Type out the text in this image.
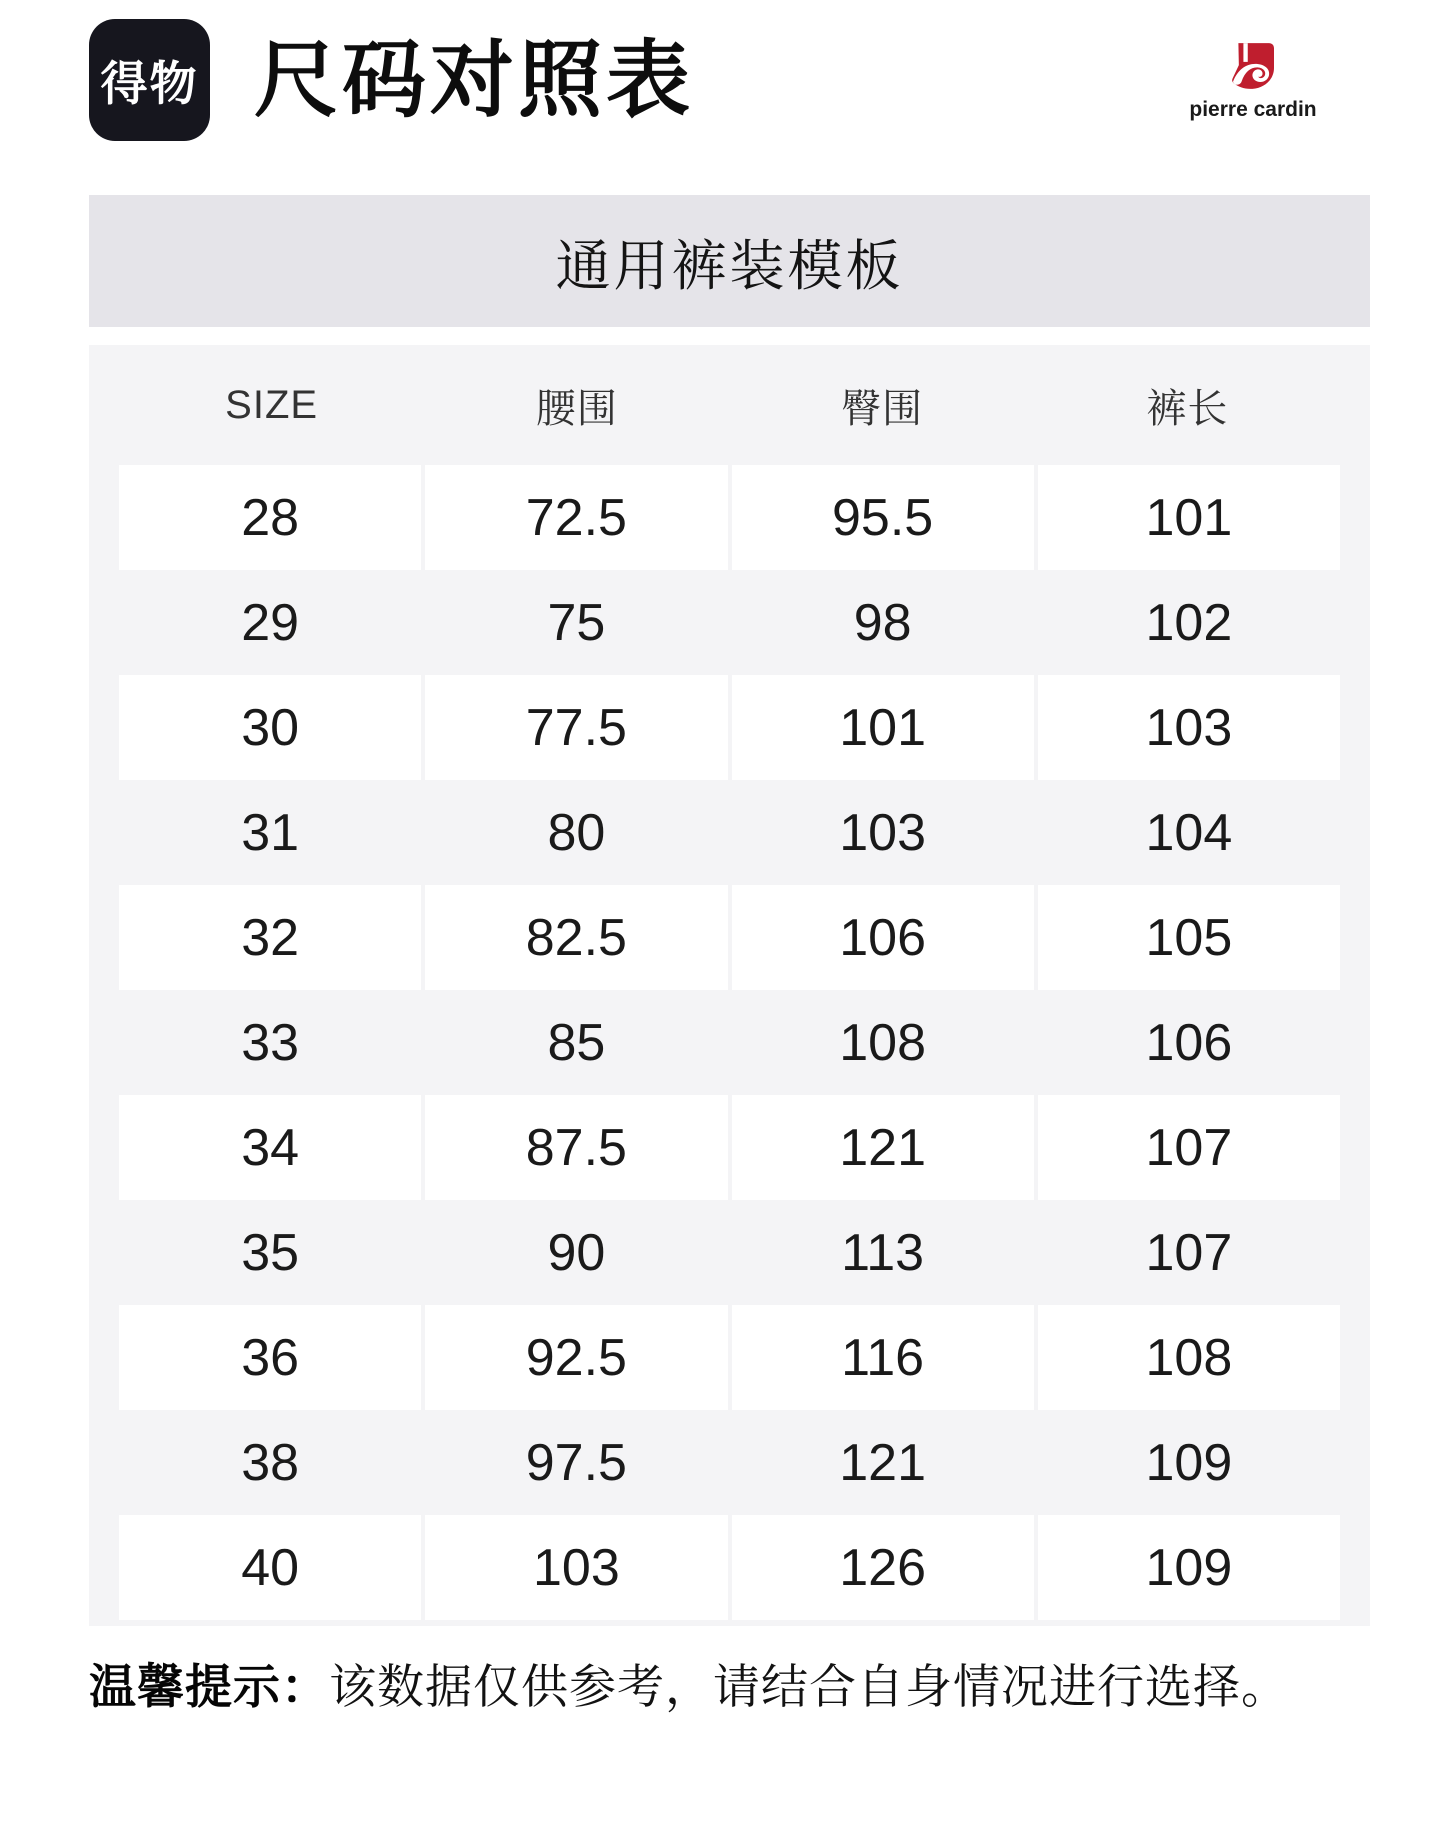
得物 尺码对照表	pierre cardin
通用裤装模板
SIZE	腰围	臀围	裤长
28	72.5	95.5	101
29	75	98	102
30	77.5	101	103
31	80	103	104
32	82.5	106	105
33	85	108	106
34	87.5	121	107
35	90	113	107
36	92.5	116	108
38	97.5	121	109
40	103	126	109
温馨提示：该数据仅供参考，请结合自身情况进行选择。
